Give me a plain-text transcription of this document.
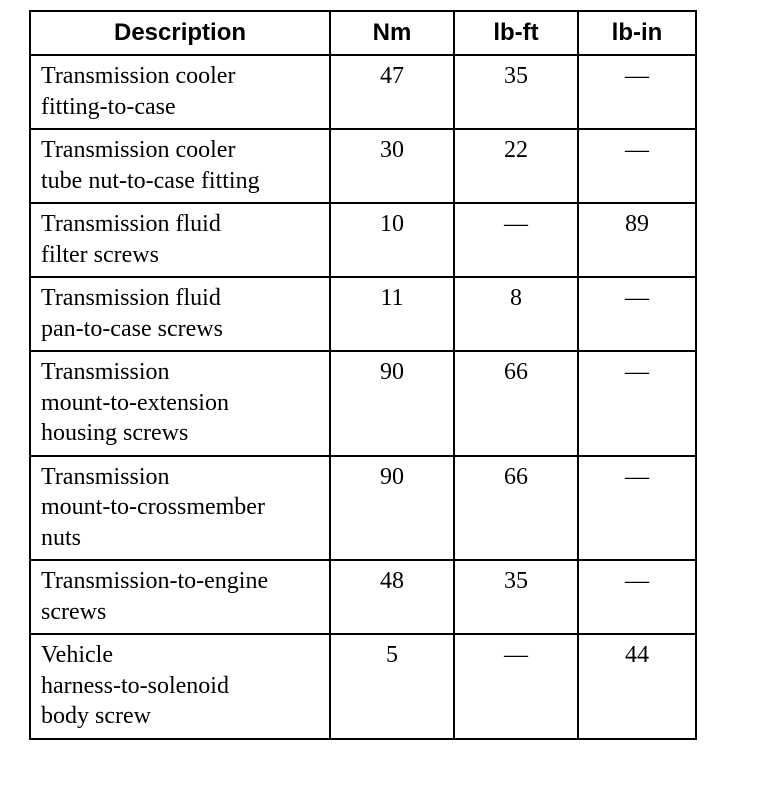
Description	Nm	lb-ft	lb-in
Transmission cooler
fitting-to-case	47	35	—
Transmission cooler
tube nut-to-case fitting	30	22	—
Transmission fluid
filter screws	10	—	89
Transmission fluid
pan-to-case screws	11	8	—
Transmission
mount-to-extension
housing screws	90	66	—
Transmission
mount-to-crossmember
nuts	90	66	—
Transmission-to-engine
screws	48	35	—
Vehicle
harness-to-solenoid
body screw	5	—	44
